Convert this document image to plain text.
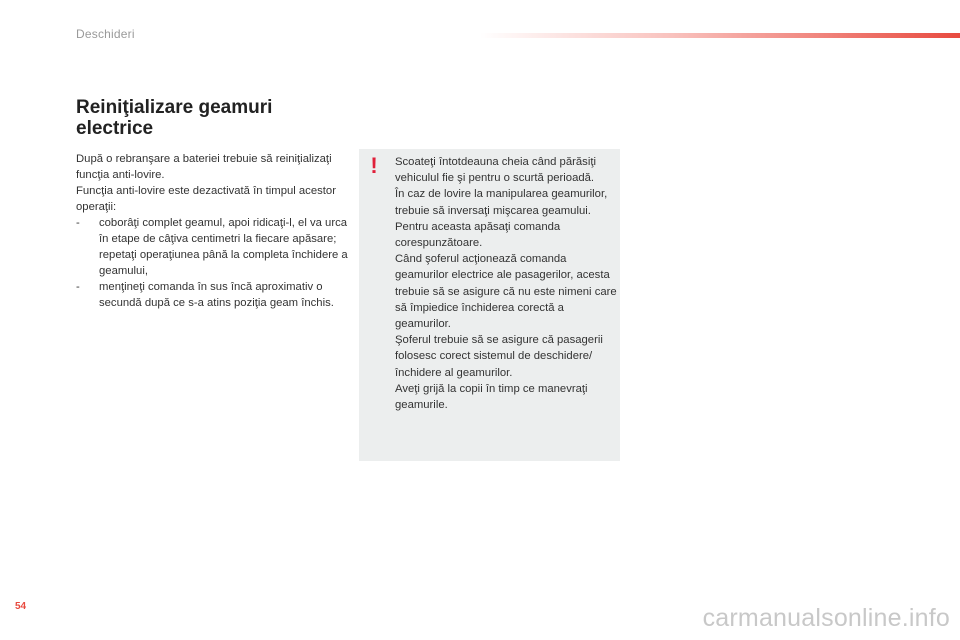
Deschideri
Reiniţializare geamuri electrice

După o rebranşare a bateriei trebuie să reiniţializaţi funcţia anti-lovire.

Funcţia anti-lovire este dezactivată în timpul acestor operaţii:

- coborâţi complet geamul, apoi ridicaţi-l, el va urca în etape de câţiva centimetri la fiecare apăsare; repetaţi operaţiunea până la completa închidere a geamului,
- menţineţi comanda în sus încă aproximativ o secundă după ce s-a atins poziţia geam închis.
! Scoateţi întotdeauna cheia când părăsiţi vehiculul fie şi pentru o scurtă perioadă.

În caz de lovire la manipularea geamurilor, trebuie să inversaţi mişcarea geamului. Pentru aceasta apăsaţi comanda corespunzătoare.

Când şoferul acţionează comanda geamurilor electrice ale pasagerilor, acesta trebuie să se asigure că nu este nimeni care să împiedice închiderea corectă a geamurilor.

Şoferul trebuie să se asigure că pasagerii folosesc corect sistemul de deschidere/închidere al geamurilor.

Aveţi grijă la copii în timp ce manevraţi geamurile.

54	carmanualsonline.info
